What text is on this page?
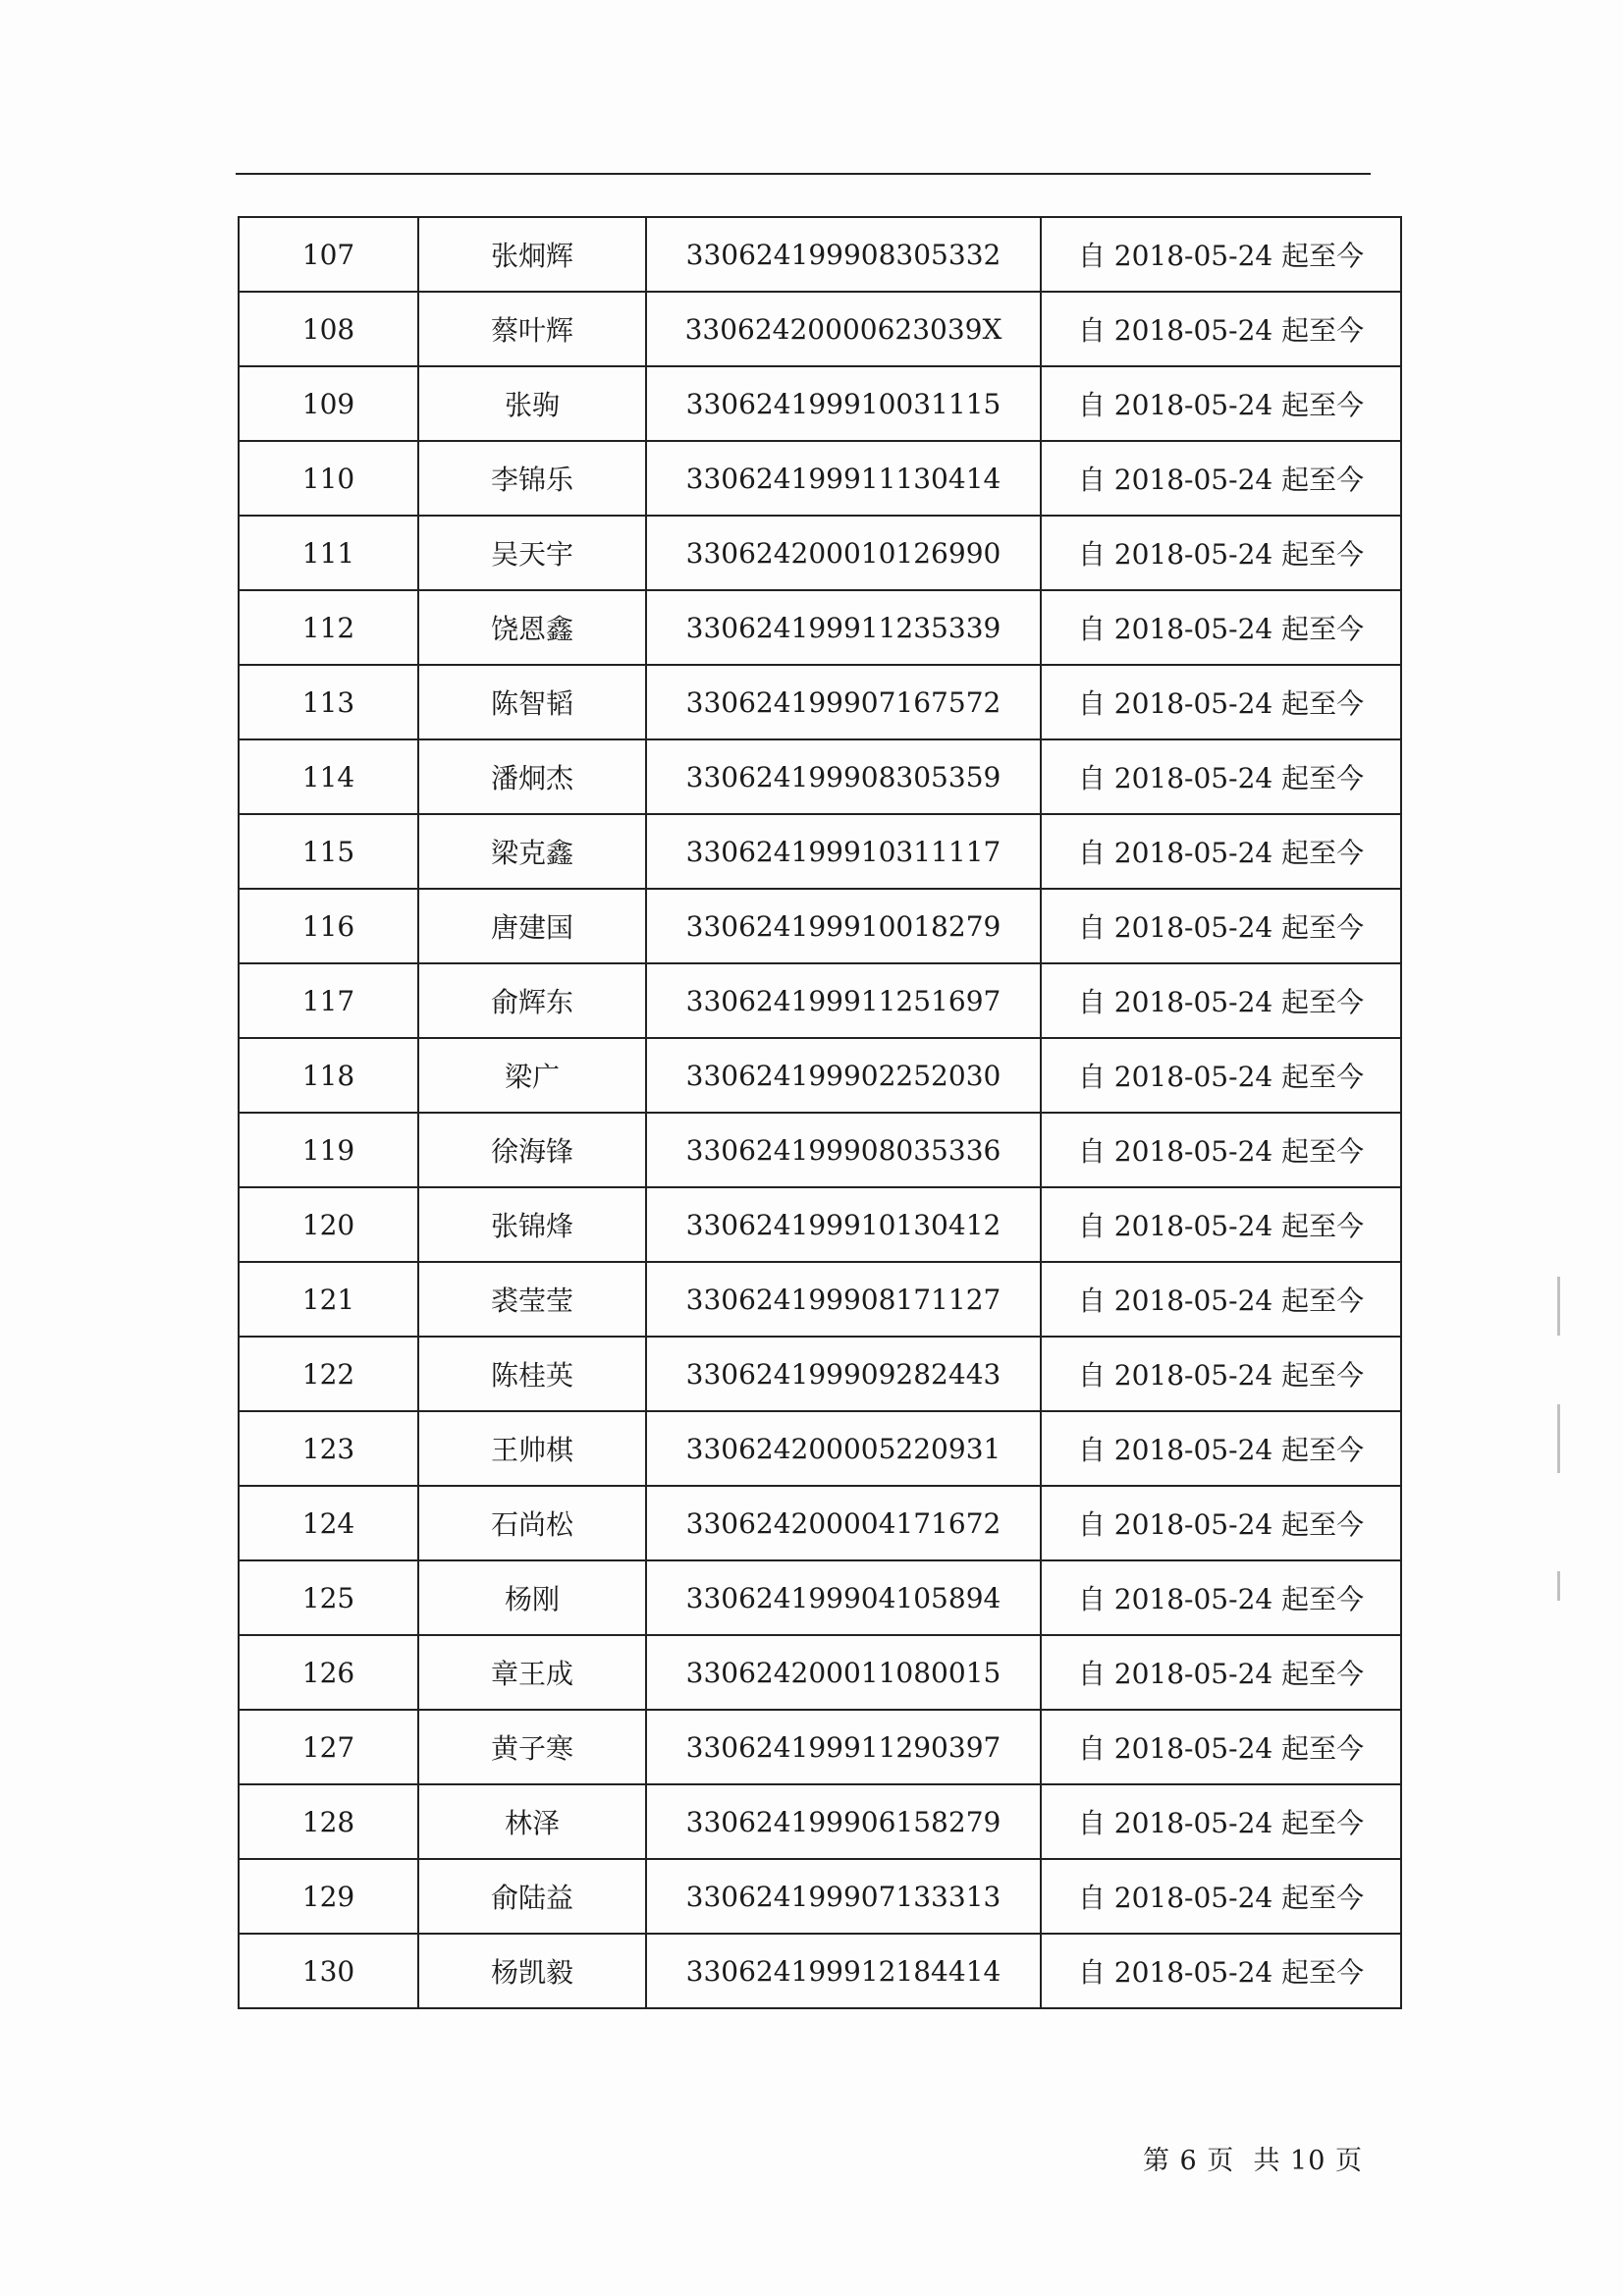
107	张炯辉	330624199908305332	自 2018-05-24 起至今
108	蔡叶辉	33062420000623039X	自 2018-05-24 起至今
109	张驹	330624199910031115	自 2018-05-24 起至今
110	李锦乐	330624199911130414	自 2018-05-24 起至今
111	吴天宇	330624200010126990	自 2018-05-24 起至今
112	饶恩鑫	330624199911235339	自 2018-05-24 起至今
113	陈智韬	330624199907167572	自 2018-05-24 起至今
114	潘炯杰	330624199908305359	自 2018-05-24 起至今
115	梁克鑫	330624199910311117	自 2018-05-24 起至今
116	唐建国	330624199910018279	自 2018-05-24 起至今
117	俞辉东	330624199911251697	自 2018-05-24 起至今
118	梁广	330624199902252030	自 2018-05-24 起至今
119	徐海锋	330624199908035336	自 2018-05-24 起至今
120	张锦烽	330624199910130412	自 2018-05-24 起至今
121	裘莹莹	330624199908171127	自 2018-05-24 起至今
122	陈桂英	330624199909282443	自 2018-05-24 起至今
123	王帅棋	330624200005220931	自 2018-05-24 起至今
124	石尚松	330624200004171672	自 2018-05-24 起至今
125	杨刚	330624199904105894	自 2018-05-24 起至今
126	章王成	330624200011080015	自 2018-05-24 起至今
127	黄子寒	330624199911290397	自 2018-05-24 起至今
128	林泽	330624199906158279	自 2018-05-24 起至今
129	俞陆益	330624199907133313	自 2018-05-24 起至今
130	杨凯毅	330624199912184414	自 2018-05-24 起至今
第 6 页  共 10 页
